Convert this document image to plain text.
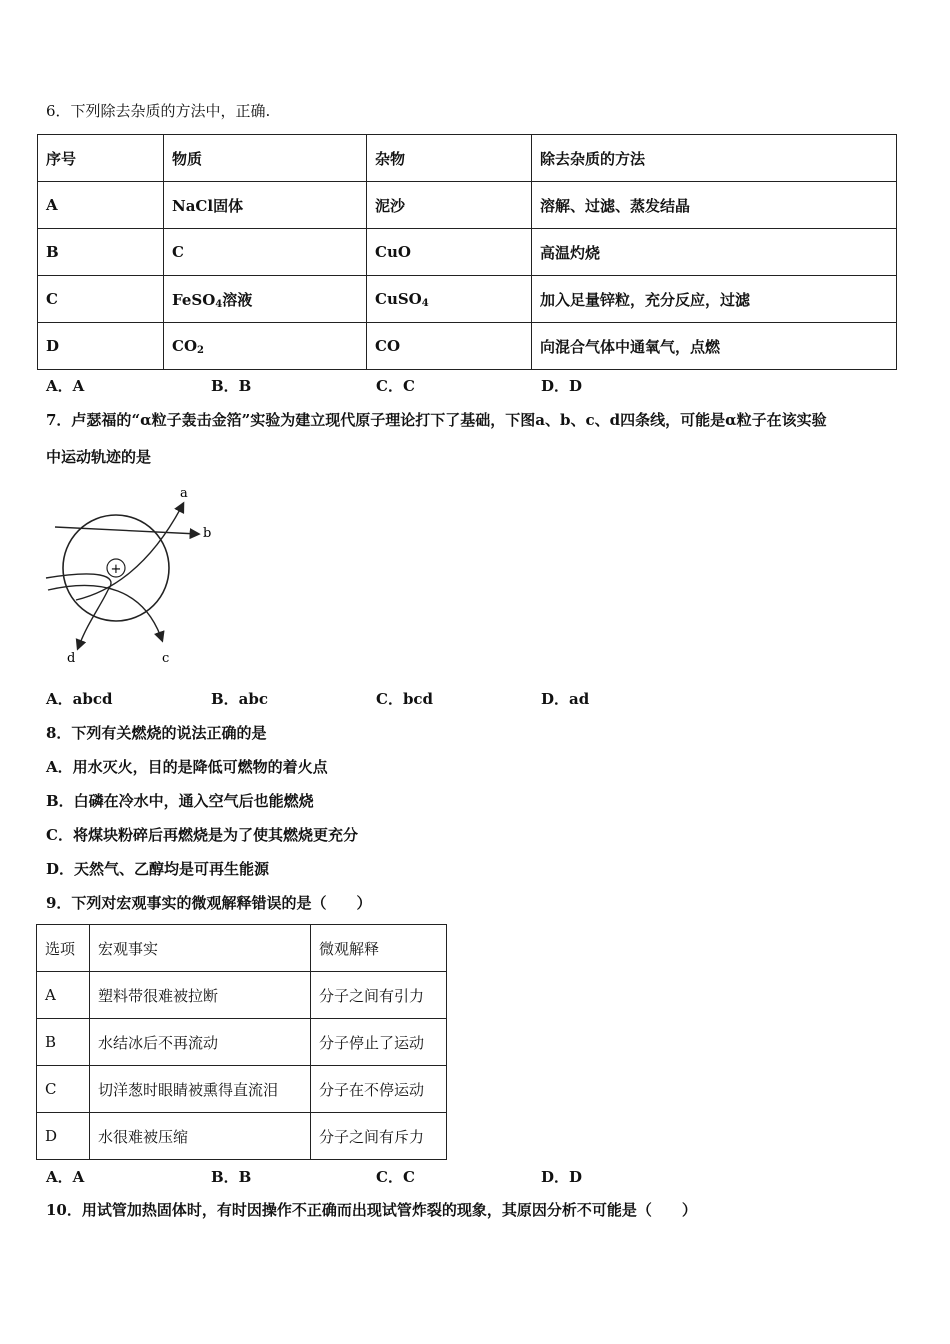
6．下列除去杂质的方法中，正确.
序号	物质	杂物	除去杂质的方法
A	NaCl固体	泥沙	溶解、过滤、蒸发结晶
B	C	CuO	高温灼烧
C	FeSO$_4$溶液	CuSO$_4$	加入足量锌粒，充分反应，过滤
D	$CO_2$	CO	向混合气体中通氧气，点燃
A．A	B．B	C．C	D．D
7．卢瑟福的“α粒子轰击金箔”实验为建立现代原子理论打下了基础，下图a、b、c、d四条线，可能是α粒子在该实验
中运动轨迹的是
+
a
b
c
d
A．abcd	B．abc	C．bcd	D．ad
8．下列有关燃烧的说法正确的是
A．用水灭火，目的是降低可燃物的着火点
B．白磷在冷水中，通入空气后也能燃烧
C．将煤块粉碎后再燃烧是为了使其燃烧更充分
D．天然气、乙醇均是可再生能源
9．下列对宏观事实的微观解释错误的是（　　）
选项	宏观事实	微观解释
A	塑料带很难被拉断	分子之间有引力
B	水结冰后不再流动	分子停止了运动
C	切洋葱时眼睛被熏得直流泪	分子在不停运动
D	水很难被压缩	分子之间有斥力
A．A	B．B	C．C	D．D
10．用试管加热固体时，有时因操作不正确而出现试管炸裂的现象，其原因分析不可能是（　　）
